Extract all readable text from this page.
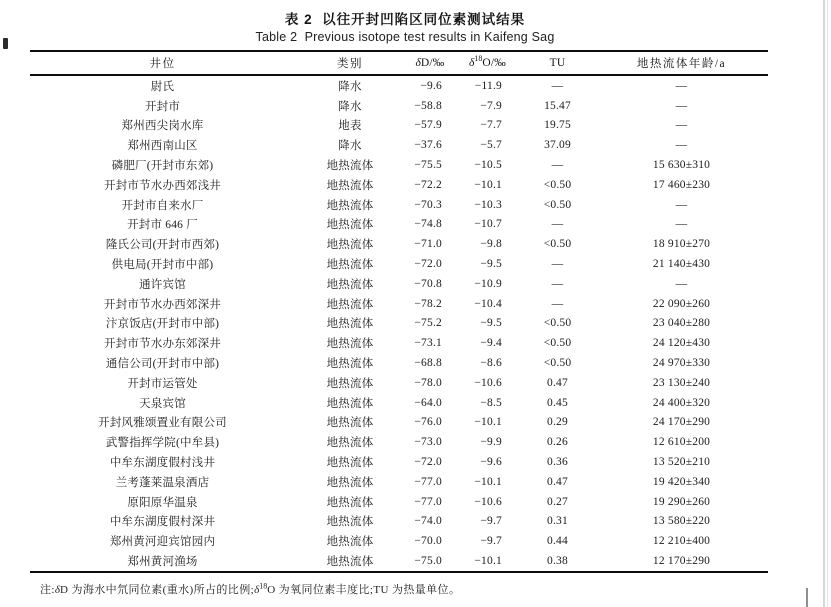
表 2  以往开封凹陷区同位素测试结果
Table 2  Previous isotope test results in Kaifeng Sag
井位	类别	δD/‰	$\delta^{18}O/‰$	TU	地热流体年龄/a
尉氏	降水	−9.6	−11.9	—	—
开封市	降水	−58.8	−7.9	15.47	—
郑州西尖岗水库	地表	−57.9	−7.7	19.75	—
郑州西南山区	降水	−37.6	−5.7	37.09	—
磷肥厂(开封市东郊)	地热流体	−75.5	−10.5	—	15 630±310
开封市节水办西郊浅井	地热流体	−72.2	−10.1	<0.50	17 460±230
开封市自来水厂	地热流体	−70.3	−10.3	<0.50	—
开封市 646 厂	地热流体	−74.8	−10.7	—	—
隆氏公司(开封市西郊)	地热流体	−71.0	−9.8	<0.50	18 910±270
供电局(开封市中部)	地热流体	−72.0	−9.5	—	21 140±430
通许宾馆	地热流体	−70.8	−10.9	—	—
开封市节水办西郊深井	地热流体	−78.2	−10.4	—	22 090±260
汴京饭店(开封市中部)	地热流体	−75.2	−9.5	<0.50	23 040±280
开封市节水办东郊深井	地热流体	−73.1	−9.4	<0.50	24 120±430
通信公司(开封市中部)	地热流体	−68.8	−8.6	<0.50	24 970±330
开封市运管处	地热流体	−78.0	−10.6	0.47	23 130±240
天泉宾馆	地热流体	−64.0	−8.5	0.45	24 400±320
开封风雅颂置业有限公司	地热流体	−76.0	−10.1	0.29	24 170±290
武警指挥学院(中牟县)	地热流体	−73.0	−9.9	0.26	12 610±200
中牟东湖度假村浅井	地热流体	−72.0	−9.6	0.36	13 520±210
兰考蓬莱温泉酒店	地热流体	−77.0	−10.1	0.47	19 420±340
原阳原华温泉	地热流体	−77.0	−10.6	0.27	19 290±260
中牟东湖度假村深井	地热流体	−74.0	−9.7	0.31	13 580±220
郑州黄河迎宾馆园内	地热流体	−70.0	−9.7	0.44	12 210±400
郑州黄河渔场	地热流体	−75.0	−10.1	0.38	12 170±290
注:δD 为海水中氘同位素(重水)所占的比例$;\delta^{18}O$ 为氧同位素丰度比;TU 为热量单位。
